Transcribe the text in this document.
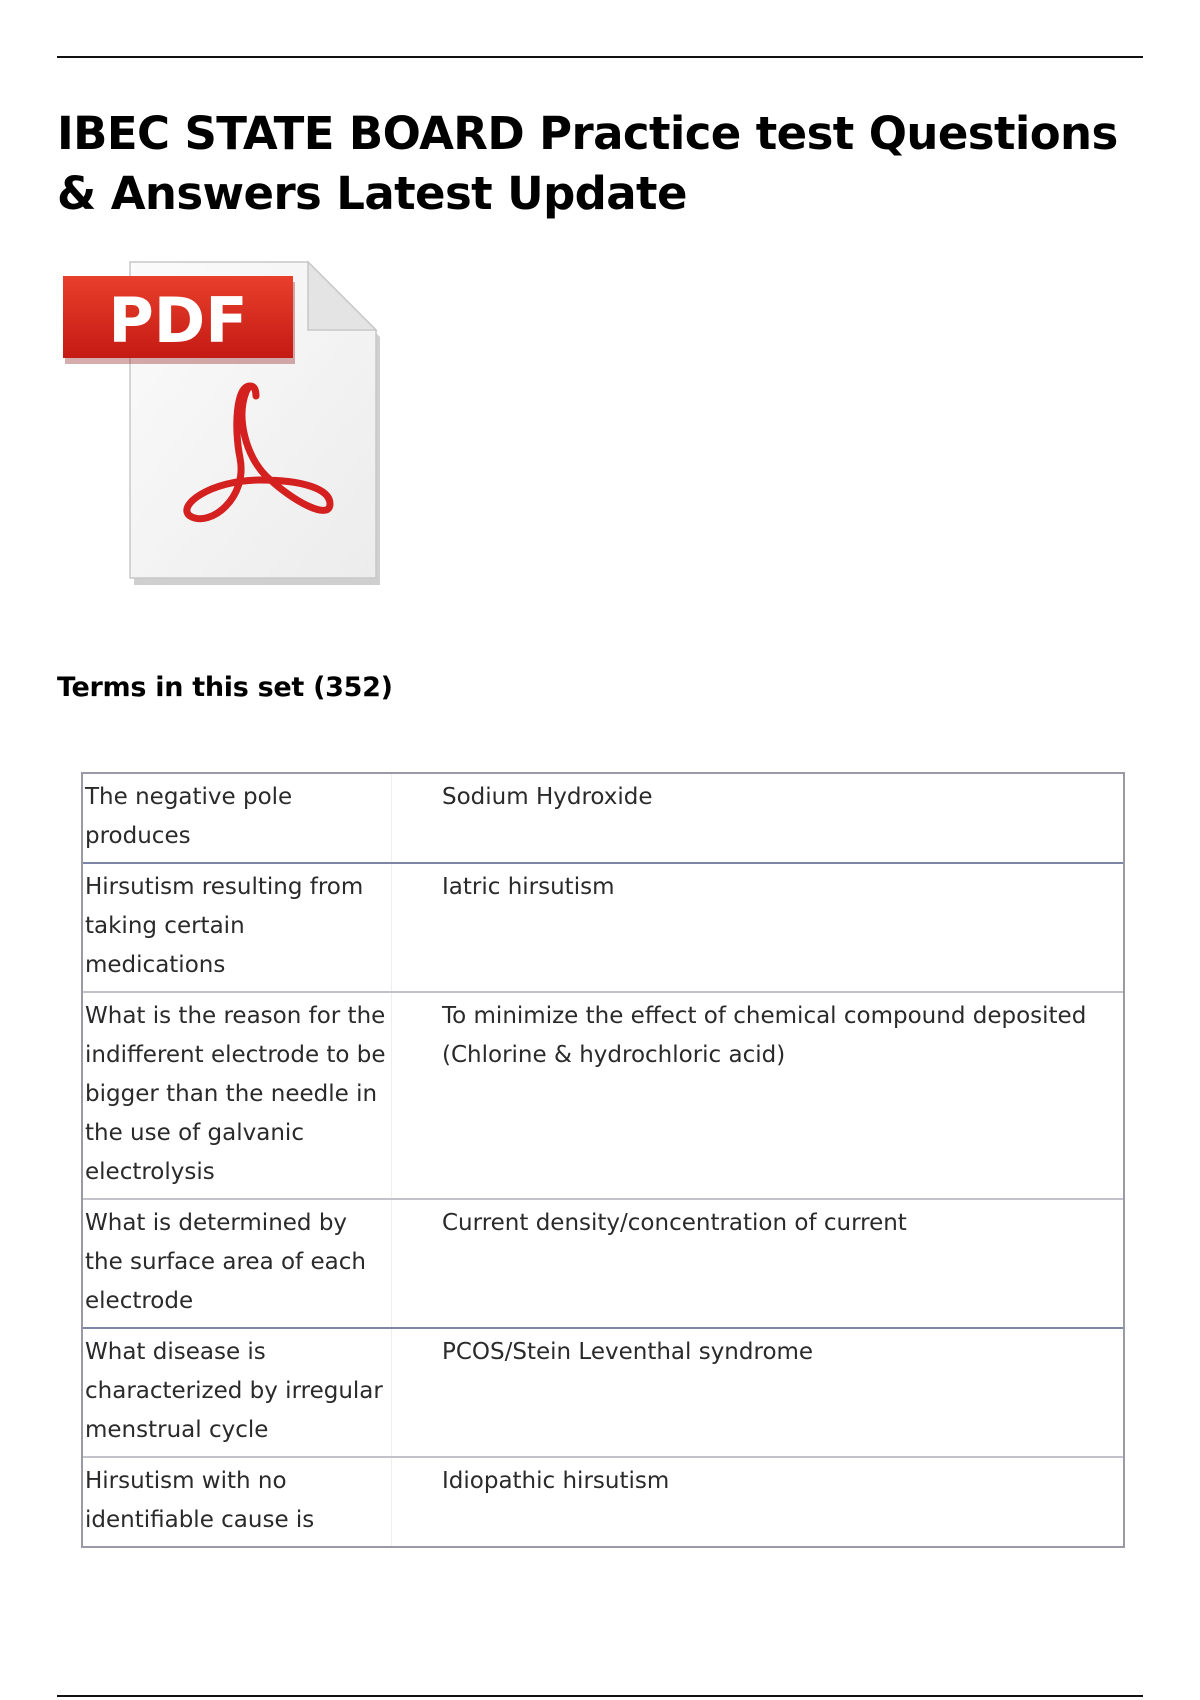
IBEC STATE BOARD Practice test Questions & Answers Latest Update
PDF
Terms in this set (352)
The negative pole produces
Sodium Hydroxide
Hirsutism resulting from taking certain medications
Iatric hirsutism
What is the reason for the indifferent electrode to be bigger than the needle in the use of galvanic electrolysis
To minimize the effect of chemical compound deposited (Chlorine & hydrochloric acid)
What is determined by the surface area of each electrode
Current density/concentration of current
What disease is characterized by irregular menstrual cycle
PCOS/Stein Leventhal syndrome
Hirsutism with no identifiable cause is
Idiopathic hirsutism
